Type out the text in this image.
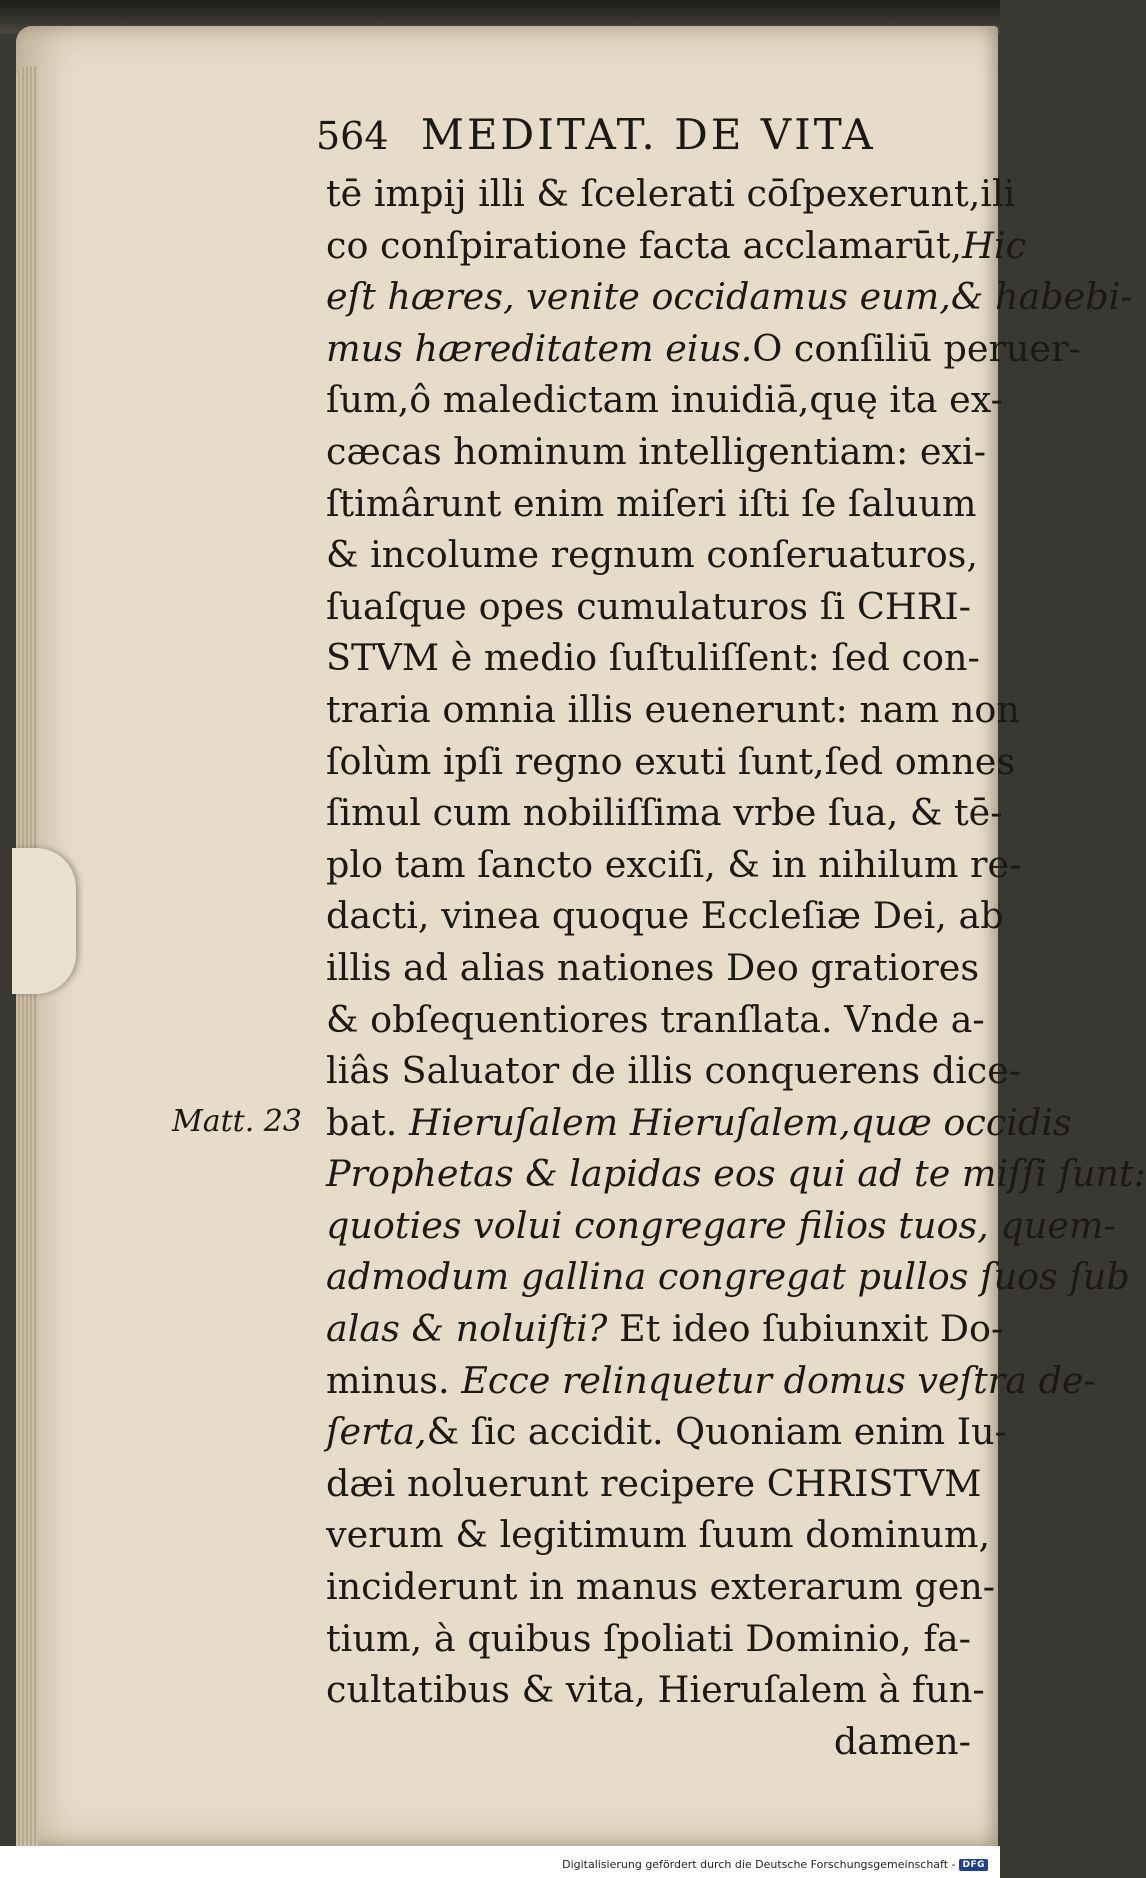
564 MEDITAT. DE VITA
Matt. 23
tē impij illi & ſcelerati cōſpexerunt,ili
co conſpiratione facta acclamarūt,Hic
eſt hæres, venite occidamus eum,& habebi-
mus hæreditatem eius.O conſiliū peruer-
ſum,ô maledictam inuidiā,quę ita ex-
cæcas hominum intelligentiam: exi-
ſtimârunt enim miſeri iſti ſe ſaluum
& incolume regnum conſeruaturos,
ſuaſque opes cumulaturos ſi CHRI-
STVM è medio ſuſtuliſſent: ſed con-
traria omnia illis euenerunt: nam non
ſolùm ipſi regno exuti ſunt,ſed omnes
ſimul cum nobiliſſima vrbe ſua, & tē-
plo tam ſancto exciſi, & in nihilum re-
dacti, vinea quoque Eccleſiæ Dei, ab
illis ad alias nationes Deo gratiores
& obſequentiores tranſlata. Vnde a-
liâs Saluator de illis conquerens dice-
bat. Hieruſalem Hieruſalem,quæ occidis
Prophetas & lapidas eos qui ad te miſſi ſunt:
quoties volui congregare filios tuos, quem-
admodum gallina congregat pullos ſuos ſub
alas & noluiſti? Et ideo ſubiunxit Do-
minus. Ecce relinquetur domus veſtra de-
ſerta,& ſic accidit. Quoniam enim Iu-
dæi noluerunt recipere CHRISTVM
verum & legitimum ſuum dominum,
inciderunt in manus exterarum gen-
tium, à quibus ſpoliati Dominio, fa-
cultatibus & vita, Hieruſalem à fun-
damen-
Digitalisierung gefördert durch die Deutsche Forschungsgemeinschaft - DFG
